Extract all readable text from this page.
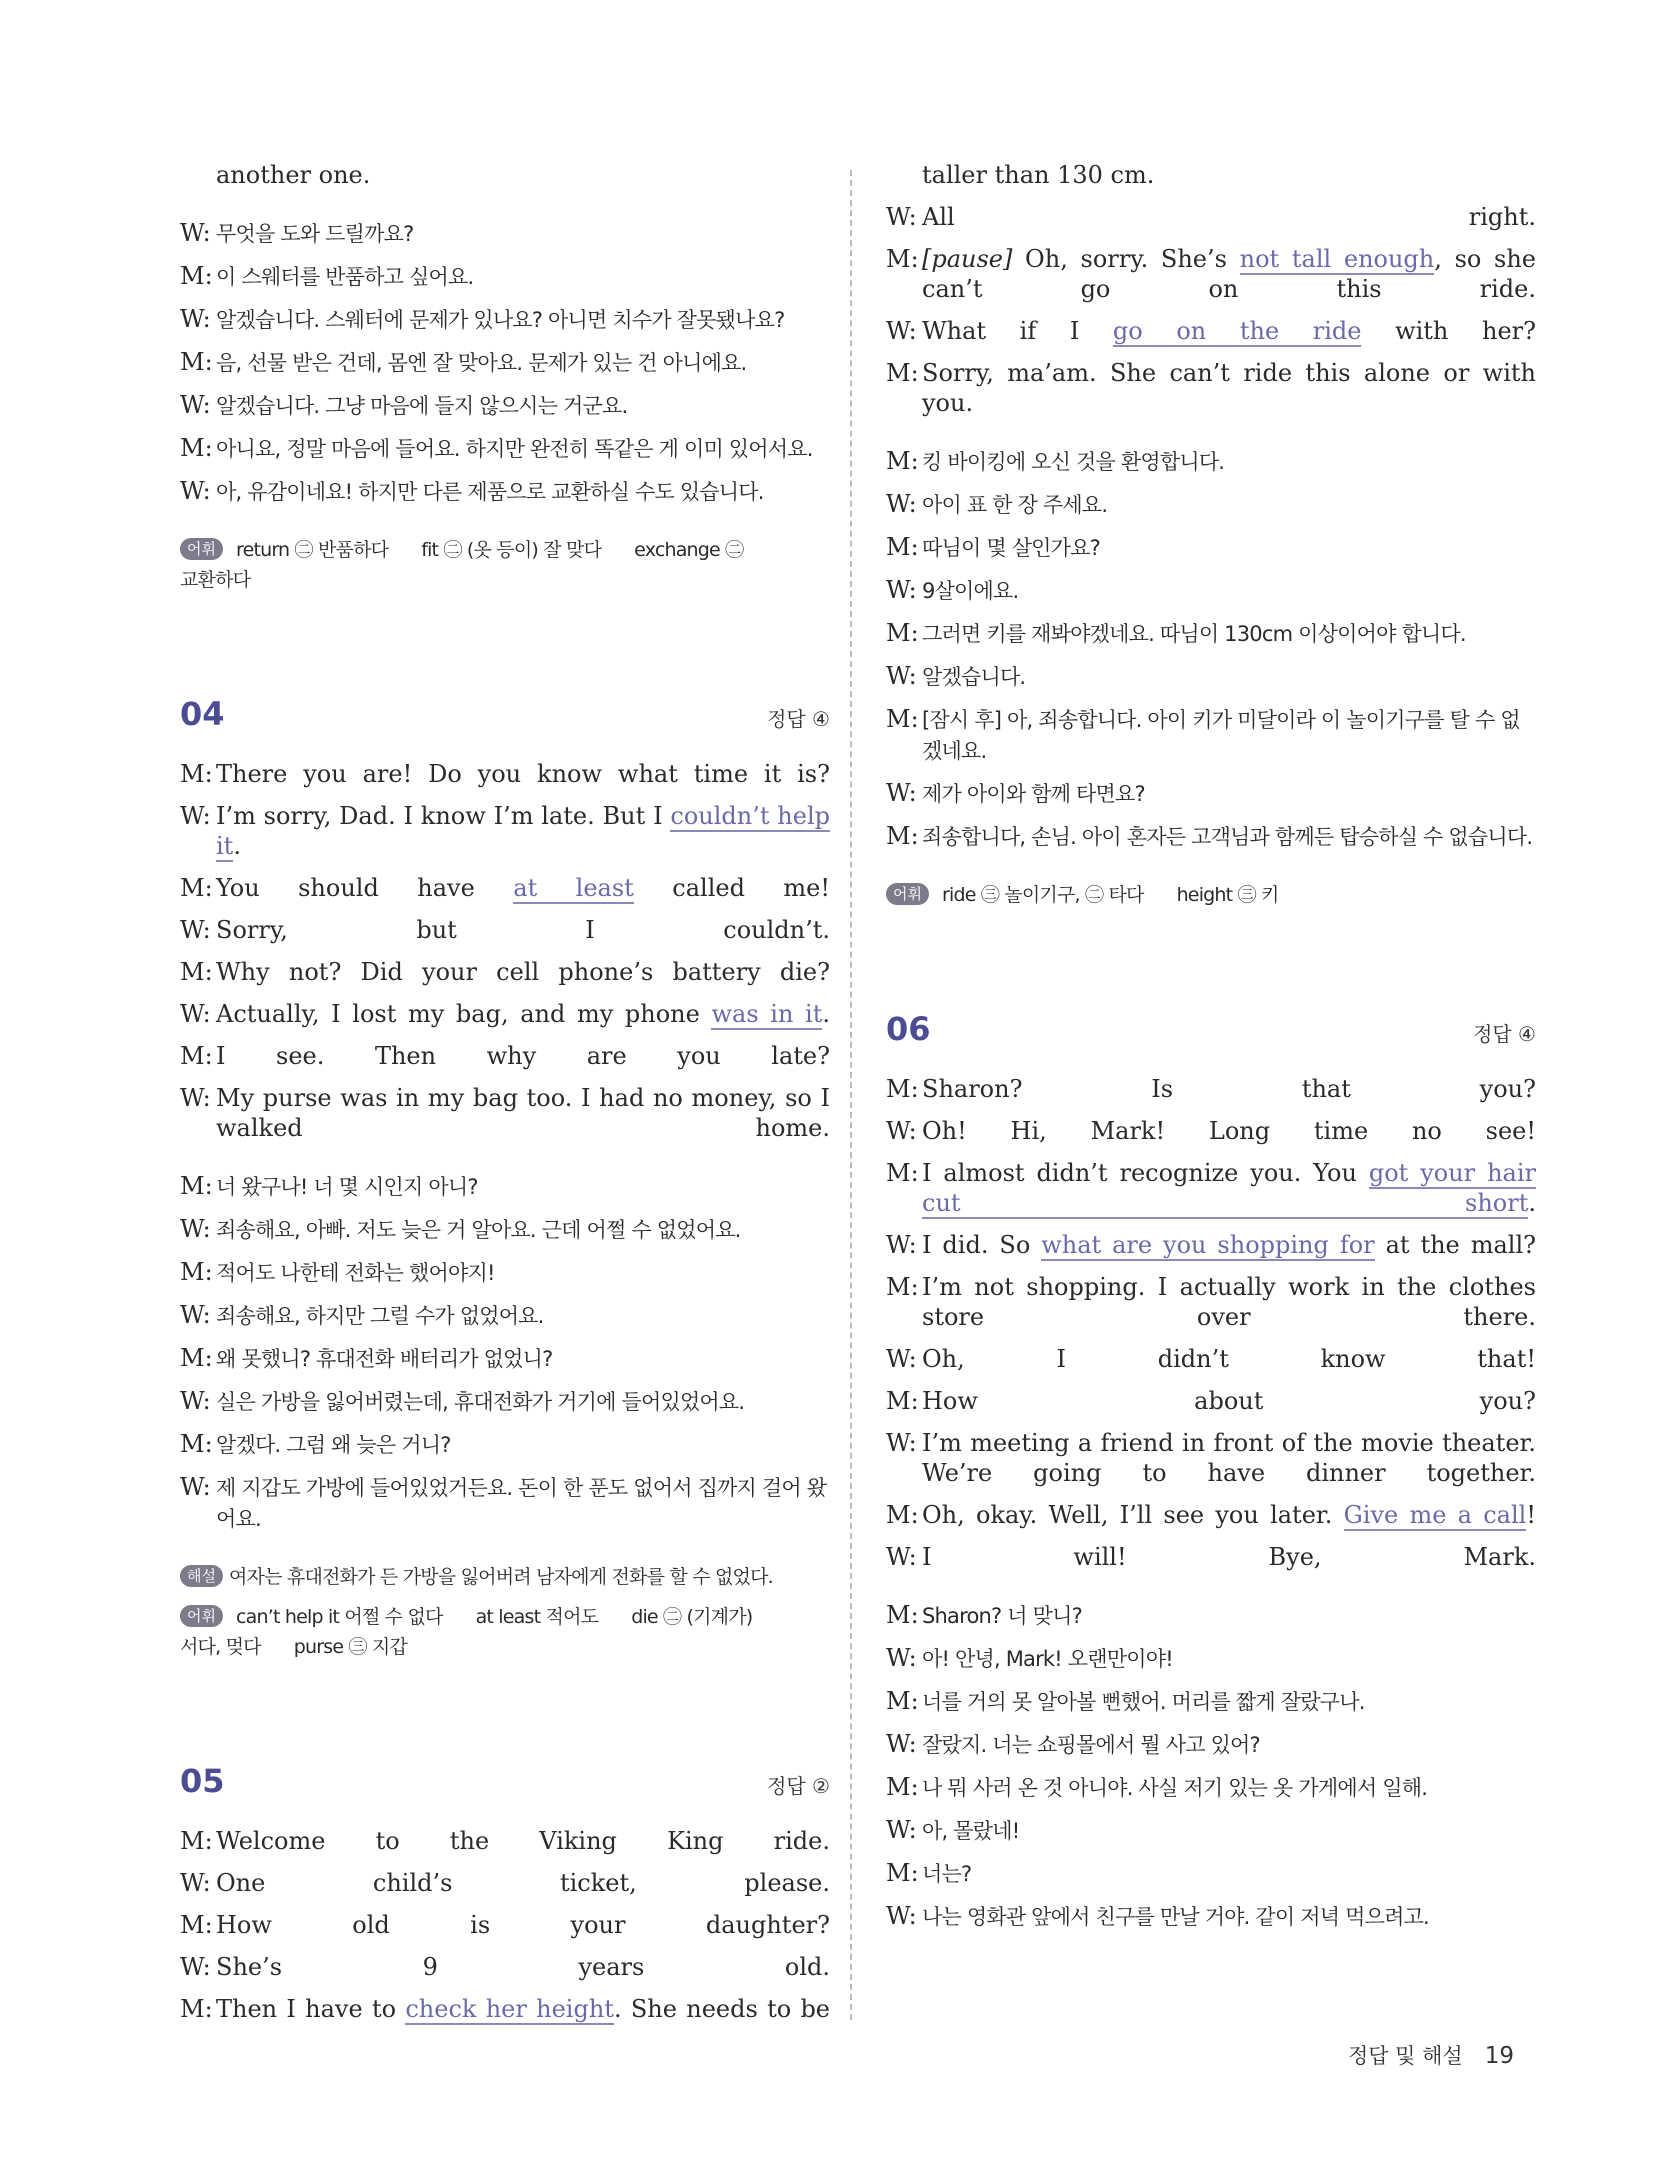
another one.
W: 무엇을 도와 드릴까요?
M: 이 스웨터를 반품하고 싶어요.
W: 알겠습니다. 스웨터에 문제가 있나요? 아니면 치수가 잘못됐나요?
M: 음, 선물 받은 건데, 몸엔 잘 맞아요. 문제가 있는 건 아니에요.
W: 알겠습니다. 그냥 마음에 들지 않으시는 거군요.
M: 아니요, 정말 마음에 들어요. 하지만 완전히 똑같은 게 이미 있어서요.
W: 아, 유감이네요! 하지만 다른 제품으로 교환하실 수도 있습니다.
어휘 return ㊁ 반품하다 fit ㊁ (옷 등이) 잘 맞다 exchange ㊁
교환하다
04	정답 ④
M: There you are! Do you know what time it is?
W: I’m sorry, Dad. I know I’m late. But I couldn’t help it.
M: You should have at least called me!
W: Sorry, but I couldn’t.
M: Why not? Did your cell phone’s battery die?
W: Actually, I lost my bag, and my phone was in it.
M: I see. Then why are you late?
W: My purse was in my bag too. I had no money, so I walked home.
M: 너 왔구나! 너 몇 시인지 아니?
W: 죄송해요, 아빠. 저도 늦은 거 알아요. 근데 어쩔 수 없었어요.
M: 적어도 나한테 전화는 했어야지!
W: 죄송해요, 하지만 그럴 수가 없었어요.
M: 왜 못했니? 휴대전화 배터리가 없었니?
W: 실은 가방을 잃어버렸는데, 휴대전화가 거기에 들어있었어요.
M: 알겠다. 그럼 왜 늦은 거니?
W: 제 지갑도 가방에 들어있었거든요. 돈이 한 푼도 없어서 집까지 걸어 왔어요.
해설 여자는 휴대전화가 든 가방을 잃어버려 남자에게 전화를 할 수 없었다.
어휘 can’t help it 어쩔 수 없다 at least 적어도 die ㊁ (기계가)
서다, 멎다 purse ㊂ 지갑
05	정답 ②
M: Welcome to the Viking King ride.
W: One child’s ticket, please.
M: How old is your daughter?
W: She’s 9 years old.
M: Then I have to check her height. She needs to be
taller than 130 cm.
W: All right.
M: [pause] Oh, sorry. She’s not tall enough, so she can’t go on this ride.
W: What if I go on the ride with her?
M: Sorry, ma’am. She can’t ride this alone or with you.
M: 킹 바이킹에 오신 것을 환영합니다.
W: 아이 표 한 장 주세요.
M: 따님이 몇 살인가요?
W: 9살이에요.
M: 그러면 키를 재봐야겠네요. 따님이 130cm 이상이어야 합니다.
W: 알겠습니다.
M: [잠시 후] 아, 죄송합니다. 아이 키가 미달이라 이 놀이기구를 탈 수 없겠네요.
W: 제가 아이와 함께 타면요?
M: 죄송합니다, 손님. 아이 혼자든 고객님과 함께든 탑승하실 수 없습니다.
어휘 ride ㊂ 놀이기구, ㊁ 타다 height ㊂ 키
06	정답 ④
M: Sharon? Is that you?
W: Oh! Hi, Mark! Long time no see!
M: I almost didn’t recognize you. You got your hair cut short.
W: I did. So what are you shopping for at the mall?
M: I’m not shopping. I actually work in the clothes store over there.
W: Oh, I didn’t know that!
M: How about you?
W: I’m meeting a friend in front of the movie theater. We’re going to have dinner together.
M: Oh, okay. Well, I’ll see you later. Give me a call!
W: I will! Bye, Mark.
M: Sharon? 너 맞니?
W: 아! 안녕, Mark! 오랜만이야!
M: 너를 거의 못 알아볼 뻔했어. 머리를 짧게 잘랐구나.
W: 잘랐지. 너는 쇼핑몰에서 뭘 사고 있어?
M: 나 뭐 사러 온 것 아니야. 사실 저기 있는 옷 가게에서 일해.
W: 아, 몰랐네!
M: 너는?
W: 나는 영화관 앞에서 친구를 만날 거야. 같이 저녁 먹으려고.
정답 및 해설 19
